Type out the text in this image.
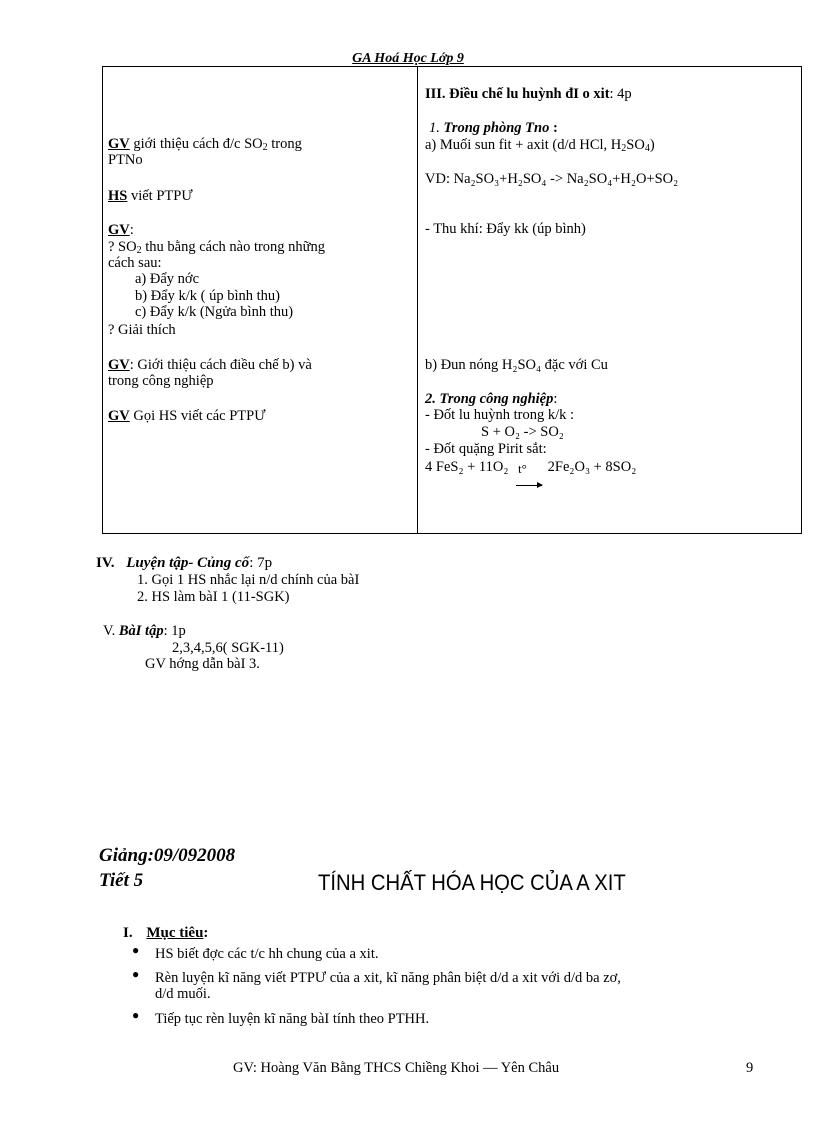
GA Hoá Học Lớp 9
GV giới thiệu cách đ/c $SO_2$ trong
PTNo
HS viết PTPƯ
GV:
? $SO_2$ thu bằng cách nào trong những
cách sau:
a) Đẩy nớc
b) Đẩy k/k ( úp bình thu)
c) Đẩy k/k (Ngửa bình thu)
? Giải thích
GV: Giới thiệu cách điều chế b) và
trong công nghiệp
GV Gọi HS viết các PTPƯ
III. Điều chế lu huỳnh đI o xit: 4p
1. Trong phòng Tno :
a) Muối sun fit + axit (d/d HCl, $H_2SO_4$)
VD: Na₂SO₃+H₂SO₄ -> Na₂SO₄+H₂O+SO₂
- Thu khí: Đẩy kk (úp bình)
b) Đun nóng H₂SO₄ đặc với Cu
2. Trong công nghiệp:
- Đốt lu huỳnh trong k/k :
S + O₂ -> SO₂
- Đốt quặng Pirit sắt:
4 FeS₂ + 11O₂ t° 2Fe₂O₃ + 8SO₂
IV. Luyện tập- Củng cố: 7p
1. Gọi 1 HS nhắc lại n/d chính của bàI
2. HS làm bàI 1 (11-SGK)
V. BàI tập: 1p
2,3,4,5,6( SGK-11)
GV hớng dẫn bàI 3.
Giảng:09/092008
Tiết 5	TÍNH CHẤT HÓA HỌC CỦA A XIT
I. Mục tiêu:
● HS biết đợc các t/c hh chung của a xit.
● Rèn luyện kĩ năng viết PTPƯ của a xit, kĩ năng phân biệt d/d a xit với d/d ba zơ,
d/d muối.
● Tiếp tục rèn luyện kĩ năng bàI tính theo PTHH.
GV: Hoàng Văn Bằng THCS Chiềng Khoi — Yên Châu	9
